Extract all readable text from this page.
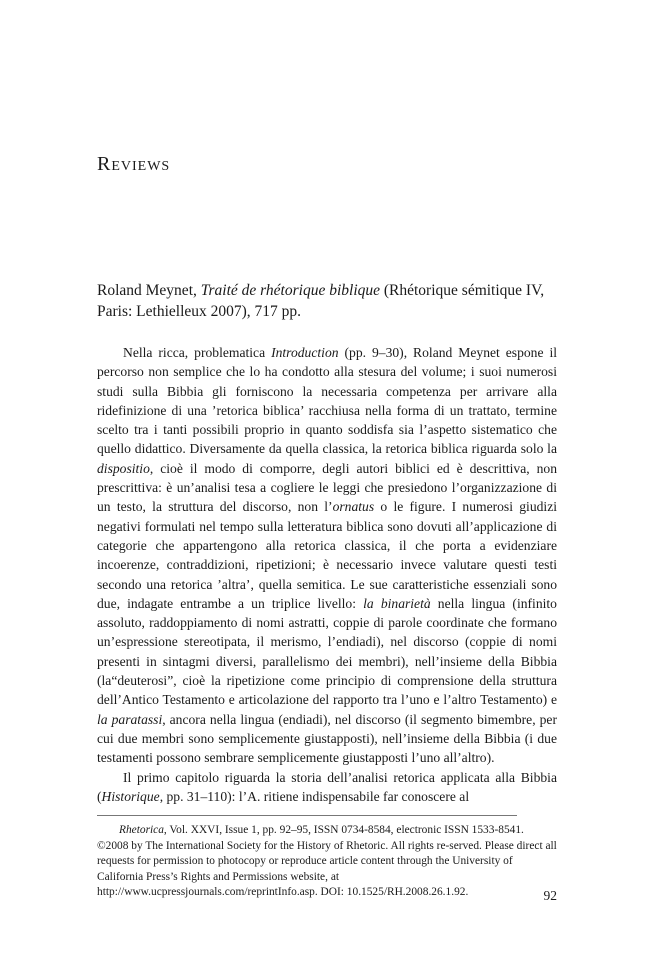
Reviews

Roland Meynet, Traité de rhétorique biblique (Rhétorique sémitique IV, Paris: Lethielleux 2007), 717 pp.

Nella ricca, problematica Introduction (pp. 9–30), Roland Meynet espone il percorso non semplice che lo ha condotto alla stesura del volume; i suoi numerosi studi sulla Bibbia gli forniscono la necessaria competenza per arrivare alla ridefinizione di una ’retorica biblica’ racchiusa nella forma di un trattato, termine scelto tra i tanti possibili proprio in quanto soddisfa sia l’aspetto sistematico che quello didattico. Diversamente da quella classica, la retorica biblica riguarda solo la dispositio, cioè il modo di comporre, degli autori biblici ed è descrittiva, non prescrittiva: è un’analisi tesa a cogliere le leggi che presiedono l’organizzazione di un testo, la struttura del discorso, non l’ornatus o le figure. I numerosi giudizi negativi formulati nel tempo sulla letteratura biblica sono dovuti all’applicazione di categorie che appartengono alla retorica classica, il che porta a evidenziare incoerenze, contraddizioni, ripetizioni; è necessario invece valutare questi testi secondo una retorica ’altra’, quella semitica. Le sue caratteristiche essenziali sono due, indagate entrambe a un triplice livello: la binarietà nella lingua (infinito assoluto, raddoppiamento di nomi astratti, coppie di parole coordinate che formano un’espressione stereotipata, il merismo, l’endiadi), nel discorso (coppie di nomi presenti in sintagmi diversi, parallelismo dei membri), nell’insieme della Bibbia (la“deuterosi”, cioè la ripetizione come principio di comprensione della struttura dell’Antico Testamento e articolazione del rapporto tra l’uno e l’altro Testamento) e la paratassi, ancora nella lingua (endiadi), nel discorso (il segmento bimembre, per cui due membri sono semplicemente giustapposti), nell’insieme della Bibbia (i due testamenti possono sembrare semplicemente giustapposti l’uno all’altro).

Il primo capitolo riguarda la storia dell’analisi retorica applicata alla Bibbia (Historique, pp. 31–110): l’A. ritiene indispensabile far conoscere al

Rhetorica, Vol. XXVI, Issue 1, pp. 92–95, ISSN 0734-8584, electronic ISSN 1533-8541. ©2008 by The International Society for the History of Rhetoric. All rights re-served. Please direct all requests for permission to photocopy or reproduce article content through the University of California Press’s Rights and Permissions website, at http://www.ucpressjournals.com/reprintInfo.asp. DOI: 10.1525/RH.2008.26.1.92.	92
